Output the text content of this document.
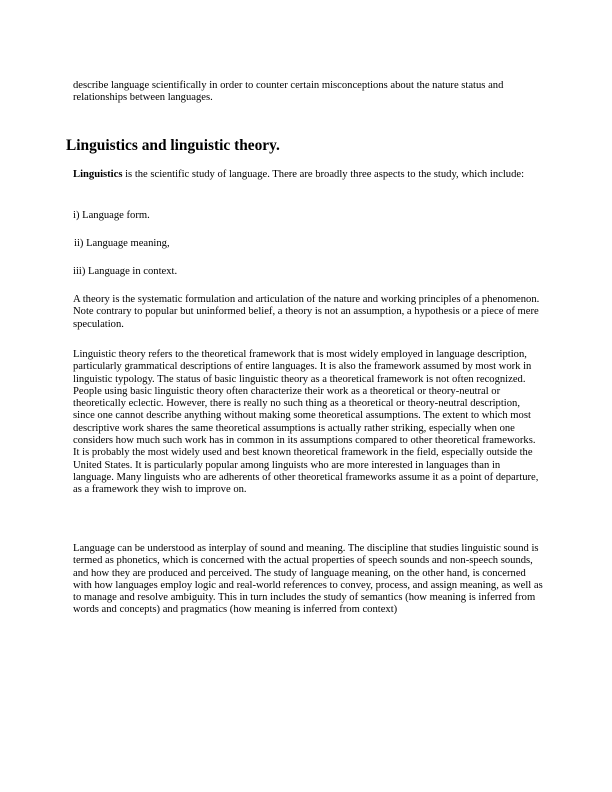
describe language scientifically in order to counter certain misconceptions about the nature status and relationships between languages.

Linguistics and linguistic theory.

Linguistics is the scientific study of language. There are broadly three aspects to the study, which include:

i) Language form.

ii) Language meaning,

iii) Language in context.

A theory is the systematic formulation and articulation of the nature and working principles of a phenomenon. Note contrary to popular but uninformed belief, a theory is not an assumption, a hypothesis or a piece of mere speculation.

Linguistic theory refers to the theoretical framework that is most widely employed in language description, particularly grammatical descriptions of entire languages. It is also the framework assumed by most work in linguistic typology. The status of basic linguistic theory as a theoretical framework is not often recognized. People using basic linguistic theory often characterize their work as a theoretical or theory-neutral or theoretically eclectic. However, there is really no such thing as a theoretical or theory-neutral description, since one cannot describe anything without making some theoretical assumptions. The extent to which most descriptive work shares the same theoretical assumptions is actually rather striking, especially when one considers how much such work has in common in its assumptions compared to other theoretical frameworks. It is probably the most widely used and best known theoretical framework in the field, especially outside the United States. It is particularly popular among linguists who are more interested in languages than in language. Many linguists who are adherents of other theoretical frameworks assume it as a point of departure, as a framework they wish to improve on.

Language can be understood as interplay of sound and meaning. The discipline that studies linguistic sound is termed as phonetics, which is concerned with the actual properties of speech sounds and non-speech sounds, and how they are produced and perceived. The study of language meaning, on the other hand, is concerned with how languages employ logic and real-world references to convey, process, and assign meaning, as well as to manage and resolve ambiguity. This in turn includes the study of semantics (how meaning is inferred from words and concepts) and pragmatics (how meaning is inferred from context)
